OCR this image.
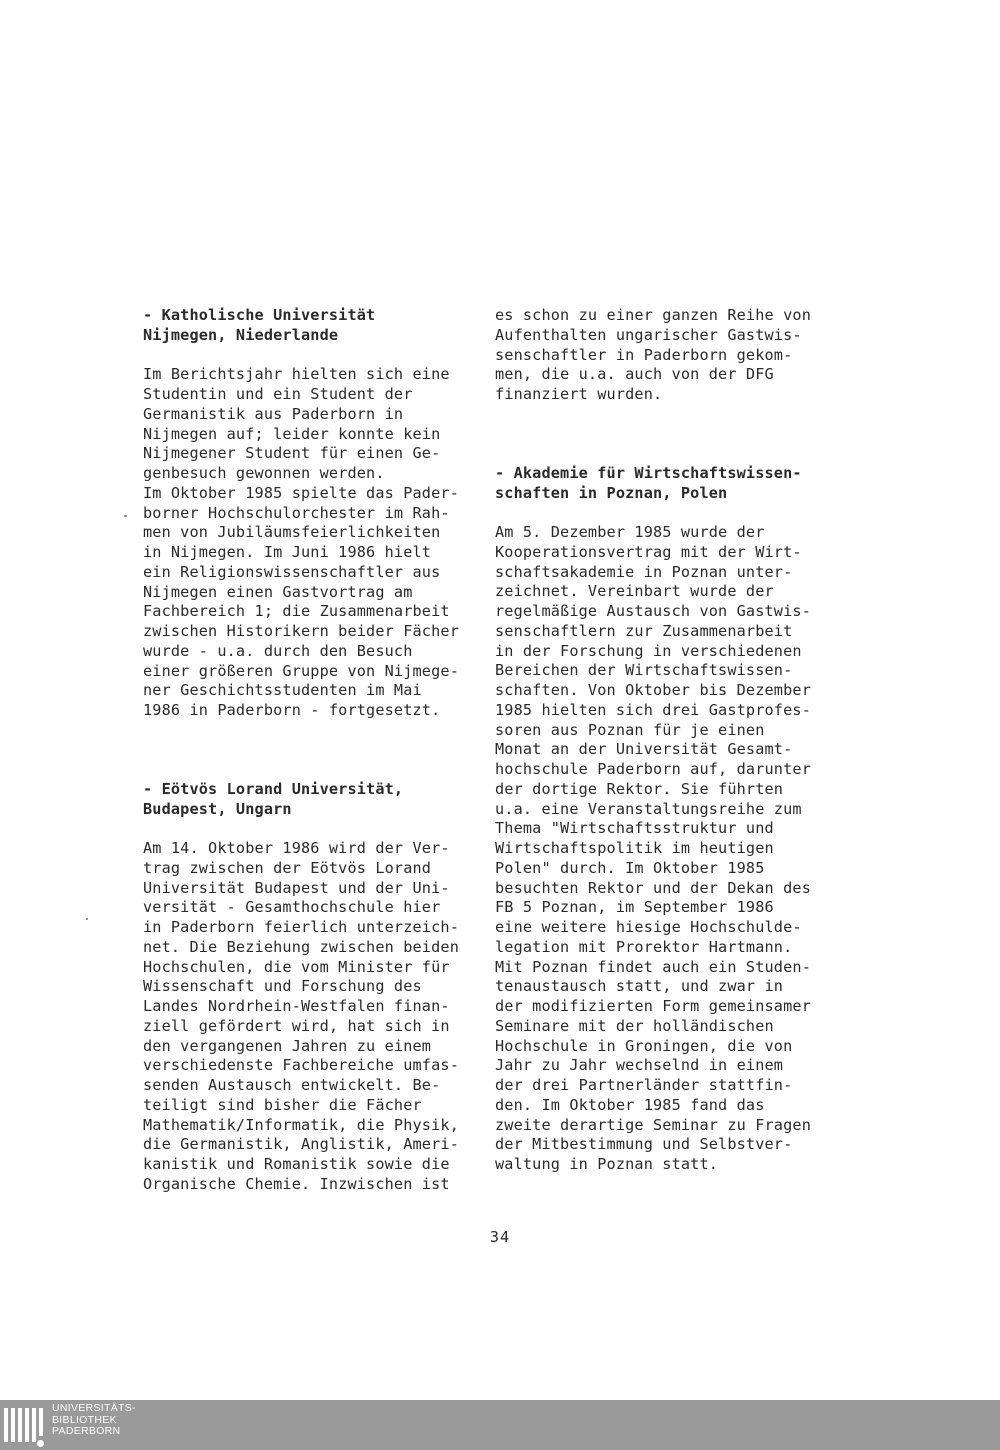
- Katholische Universität
Nijmegen, Niederlande
Im Berichtsjahr hielten sich eine
Studentin und ein Student der
Germanistik aus Paderborn in
Nijmegen auf; leider konnte kein
Nijmegener Student für einen Ge-
genbesuch gewonnen werden.
Im Oktober 1985 spielte das Pader-
borner Hochschulorchester im Rah-
men von Jubiläumsfeierlichkeiten
in Nijmegen. Im Juni 1986 hielt
ein Religionswissenschaftler aus
Nijmegen einen Gastvortrag am
Fachbereich 1; die Zusammenarbeit
zwischen Historikern beider Fächer
wurde - u.a. durch den Besuch
einer größeren Gruppe von Nijmege-
ner Geschichtsstudenten im Mai
1986 in Paderborn - fortgesetzt.
- Eötvös Lorand Universität,
Budapest, Ungarn
Am 14. Oktober 1986 wird der Ver-
trag zwischen der Eötvös Lorand
Universität Budapest und der Uni-
versität - Gesamthochschule hier
in Paderborn feierlich unterzeich-
net. Die Beziehung zwischen beiden
Hochschulen, die vom Minister für
Wissenschaft und Forschung des
Landes Nordrhein-Westfalen finan-
ziell gefördert wird, hat sich in
den vergangenen Jahren zu einem
verschiedenste Fachbereiche umfas-
senden Austausch entwickelt. Be-
teiligt sind bisher die Fächer
Mathematik/Informatik, die Physik,
die Germanistik, Anglistik, Ameri-
kanistik und Romanistik sowie die
Organische Chemie. Inzwischen ist
es schon zu einer ganzen Reihe von
Aufenthalten ungarischer Gastwis-
senschaftler in Paderborn gekom-
men, die u.a. auch von der DFG
finanziert wurden.
- Akademie für Wirtschaftswissen-
schaften in Poznan, Polen
Am 5. Dezember 1985 wurde der
Kooperationsvertrag mit der Wirt-
schaftsakademie in Poznan unter-
zeichnet. Vereinbart wurde der
regelmäßige Austausch von Gastwis-
senschaftlern zur Zusammenarbeit
in der Forschung in verschiedenen
Bereichen der Wirtschaftswissen-
schaften. Von Oktober bis Dezember
1985 hielten sich drei Gastprofes-
soren aus Poznan für je einen
Monat an der Universität Gesamt-
hochschule Paderborn auf, darunter
der dortige Rektor. Sie führten
u.a. eine Veranstaltungsreihe zum
Thema "Wirtschaftsstruktur und
Wirtschaftspolitik im heutigen
Polen" durch. Im Oktober 1985
besuchten Rektor und der Dekan des
FB 5 Poznan, im September 1986
eine weitere hiesige Hochschulde-
legation mit Prorektor Hartmann.
Mit Poznan findet auch ein Studen-
tenaustausch statt, und zwar in
der modifizierten Form gemeinsamer
Seminare mit der holländischen
Hochschule in Groningen, die von
Jahr zu Jahr wechselnd in einem
der drei Partnerländer stattfin-
den. Im Oktober 1985 fand das
zweite derartige Seminar zu Fragen
der Mitbestimmung und Selbstver-
waltung in Poznan statt.
34
UNIVERSITÄTS-
BIBLIOTHEK
PADERBORN
